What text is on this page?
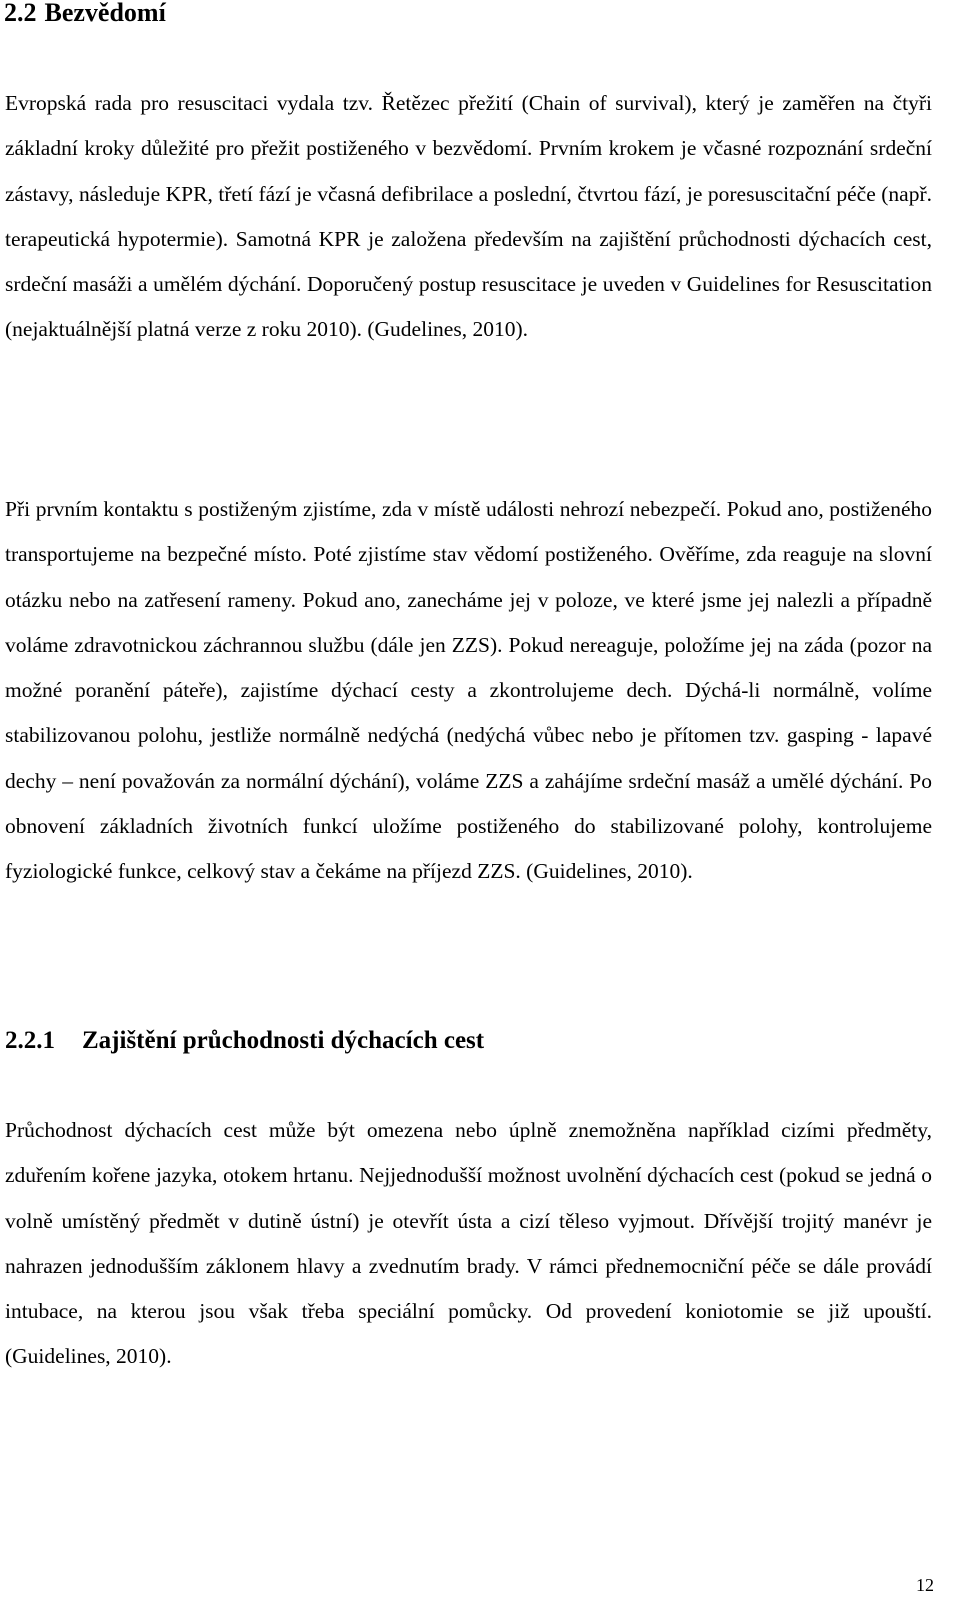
2.2 Bezvědomí

Evropská rada pro resuscitaci vydala tzv. Řetězec přežití (Chain of survival), který je zaměřen na čtyři základní kroky důležité pro přežit postiženého v bezvědomí. Prvním krokem je včasné rozpoznání srdeční zástavy, následuje KPR, třetí fází je včasná defibrilace a poslední, čtvrtou fází, je poresuscitační péče (např. terapeutická hypotermie). Samotná KPR je založena především na zajištění průchodnosti dýchacích cest, srdeční masáži a umělém dýchání. Doporučený postup resuscitace je uveden v Guidelines for Resuscitation (nejaktuálnější platná verze z roku 2010). (Gudelines, 2010).

Při prvním kontaktu s postiženým zjistíme, zda v místě události nehrozí nebezpečí. Pokud ano, postiženého transportujeme na bezpečné místo. Poté zjistíme stav vědomí postiženého. Ověříme, zda reaguje na slovní otázku nebo na zatřesení rameny. Pokud ano, zanecháme jej v poloze, ve které jsme jej nalezli a případně voláme zdravotnickou záchrannou službu (dále jen ZZS). Pokud nereaguje, položíme jej na záda (pozor na možné poranění páteře), zajistíme dýchací cesty a zkontrolujeme dech. Dýchá-li normálně, volíme stabilizovanou polohu, jestliže normálně nedýchá (nedýchá vůbec nebo je přítomen tzv. gasping - lapavé dechy – není považován za normální dýchání), voláme ZZS a zahájíme srdeční masáž a umělé dýchání. Po obnovení základních životních funkcí uložíme postiženého do stabilizované polohy, kontrolujeme fyziologické funkce, celkový stav a čekáme na příjezd ZZS. (Guidelines, 2010).

2.2.1 Zajištění průchodnosti dýchacích cest

Průchodnost dýchacích cest může být omezena nebo úplně znemožněna například cizími předměty, zduřením kořene jazyka, otokem hrtanu. Nejjednodušší možnost uvolnění dýchacích cest (pokud se jedná o volně umístěný předmět v dutině ústní) je otevřít ústa a cizí těleso vyjmout. Dřívější trojitý manévr je nahrazen jednodušším záklonem hlavy a zvednutím brady. V rámci přednemocniční péče se dále provádí intubace, na kterou jsou však třeba speciální pomůcky. Od provedení koniotomie se již upouští. (Guidelines, 2010).

12
